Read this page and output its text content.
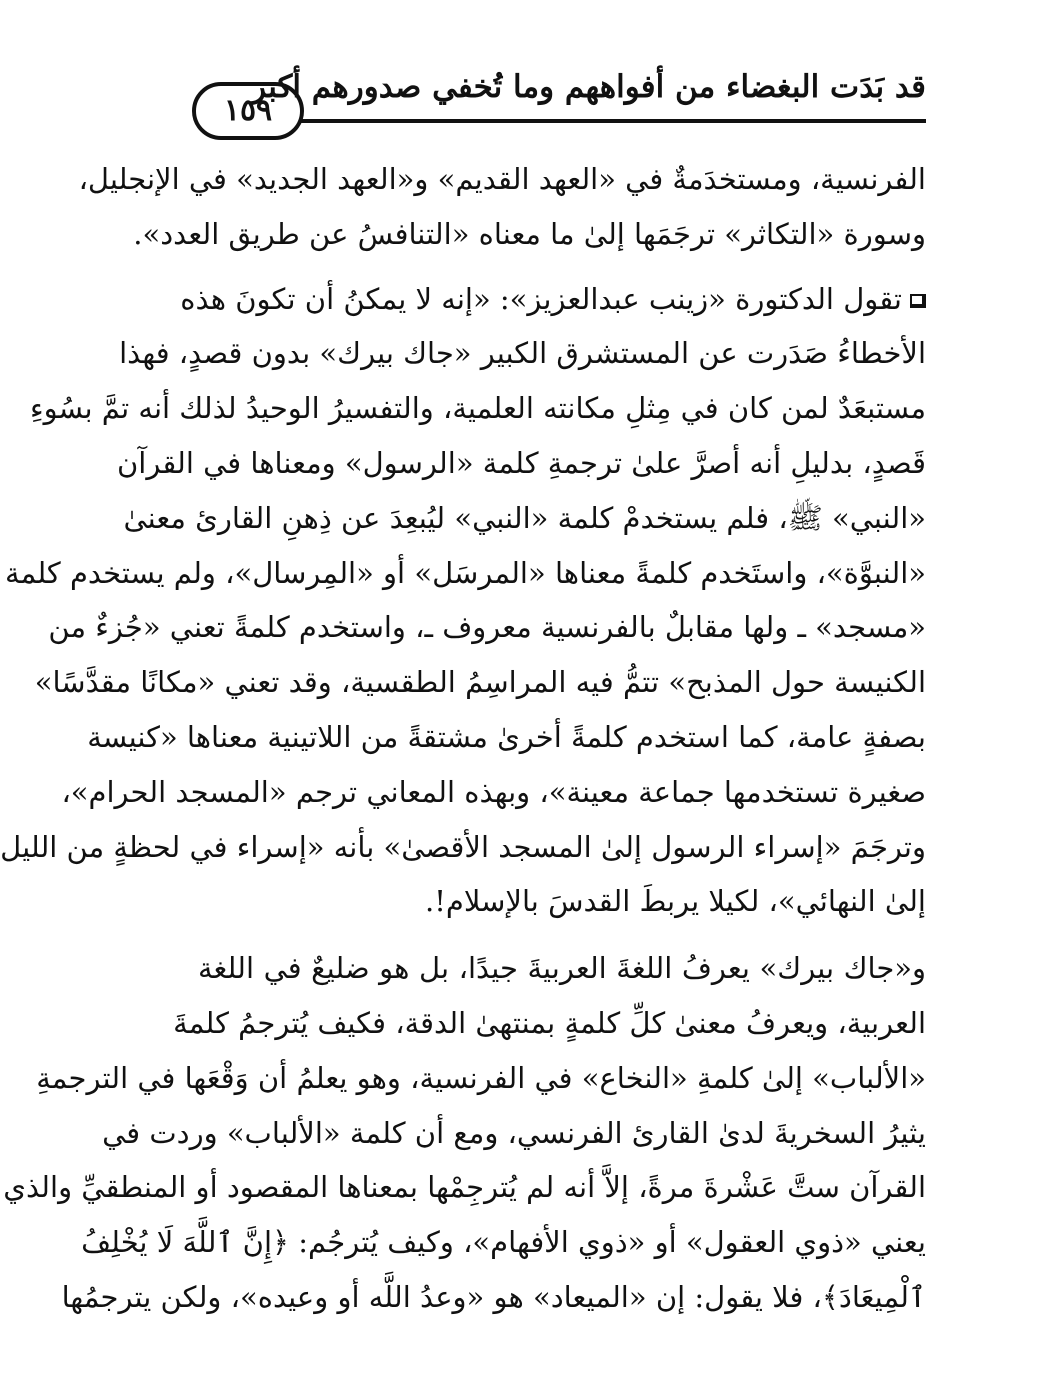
١٥٩
قد بَدَت البغضاء من أفواههم وما تُخفي صدورهم أكبر
الفرنسية، ومستخدَمةٌ في «العهد القديم» و«العهد الجديد» في الإنجليل،
وسورة «التكاثر» ترجَمَها إلىٰ ما معناه «التنافسُ عن طريق العدد».
تقول الدكتورة «زينب عبدالعزيز»: «إنه لا يمكنُ أن تكونَ هذه
الأخطاءُ صَدَرت عن المستشرق الكبير «جاك بيرك» بدون قصدٍ، فهذا
مستبعَدٌ لمن كان في مِثلِ مكانته العلمية، والتفسيرُ الوحيدُ لذلك أنه تمَّ بسُوءِ
قَصدٍ، بدليلِ أنه أصرَّ علىٰ ترجمةِ كلمة «الرسول» ومعناها في القرآن
«النبي» ﷺ، فلم يستخدمْ كلمة «النبي» ليُبعِدَ عن ذِهنِ القارئ معنىٰ
«النبوَّة»، واستَخدم كلمةً معناها «المرسَل» أو «المِرسال»، ولم يستخدم كلمة
«مسجد» ـ ولها مقابلٌ بالفرنسية معروف ـ، واستخدم كلمةً تعني «جُزءٌ من
الكنيسة حول المذبح» تتمُّ فيه المراسِمُ الطقسية، وقد تعني «مكانًا مقدَّسًا»
بصفةٍ عامة، كما استخدم كلمةً أخرىٰ مشتقةً من اللاتينية معناها «كنيسة
صغيرة تستخدمها جماعة معينة»، وبهذه المعاني ترجم «المسجد الحرام»،
وترجَمَ «إسراء الرسول إلىٰ المسجد الأقصىٰ» بأنه «إسراء في لحظةٍ من الليل
إلىٰ النهائي»، لكيلا يربطَ القدسَ بالإسلام!.
و«جاك بيرك» يعرفُ اللغةَ العربيةَ جيدًا، بل هو ضليعٌ في اللغة
العربية، ويعرفُ معنىٰ كلِّ كلمةٍ بمنتهىٰ الدقة، فكيف يُترجمُ كلمةَ
«الألباب» إلىٰ كلمةِ «النخاع» في الفرنسية، وهو يعلمُ أن وَقْعَها في الترجمةِ
يثيرُ السخريةَ لدىٰ القارئ الفرنسي، ومع أن كلمة «الألباب» وردت في
القرآن ستَّ عَشْرةَ مرةً، إلاَّ أنه لم يُترجِمْها بمعناها المقصود أو المنطقيِّ والذي
يعني «ذوي العقول» أو «ذوي الأفهام»، وكيف يُترجُم: ﴿إِنَّ ٱللَّهَ لَا يُخْلِفُ
ٱلْمِيعَادَ﴾، فلا يقول: إن «الميعاد» هو «وعدُ اللَّه أو وعيده»، ولكن يترجمُها
